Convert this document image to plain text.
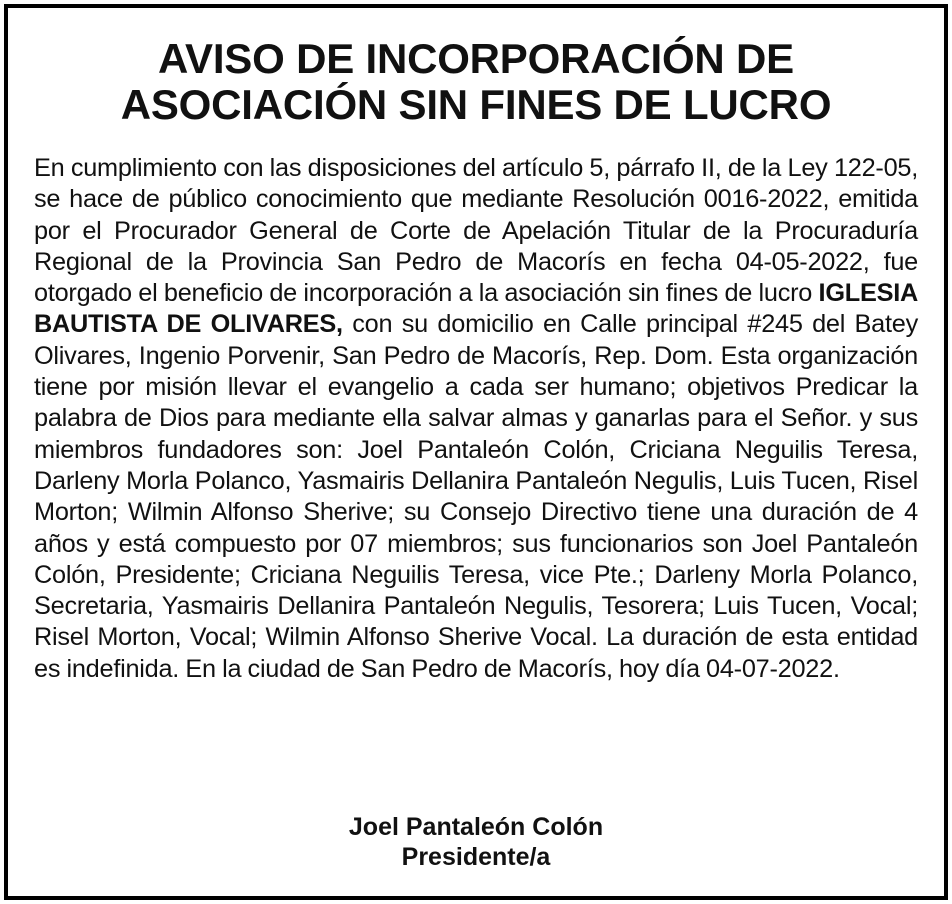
AVISO DE INCORPORACIÓN DE
ASOCIACIÓN SIN FINES DE LUCRO

En cumplimiento con las disposiciones del artículo 5, párrafo II, de la Ley 122-05, se hace de público conocimiento que mediante Resolución 0016-2022, emitida por el Procurador General de Corte de Apelación Titular de la Procuraduría Regional de la Provincia San Pedro de Macorís en fecha 04-05-2022, fue otorgado el beneficio de incorporación a la asociación sin fines de lucro IGLESIA BAUTISTA DE OLIVARES, con su domicilio en Calle principal #245 del Batey Olivares, Ingenio Porvenir, San Pedro de Macorís, Rep. Dom. Esta organización tiene por misión llevar el evangelio a cada ser humano; objetivos Predicar la palabra de Dios para mediante ella salvar almas y ganarlas para el Señor. y sus miembros fundadores son: Joel Pantaleón Colón, Criciana Neguilis Teresa, Darleny Morla Polanco, Yasmairis Dellanira Pantaleón Negulis, Luis Tucen, Risel Morton; Wilmin Alfonso Sherive; su Consejo Directivo tiene una duración de 4 años y está compuesto por 07 miembros; sus funcionarios son Joel Pantaleón Colón, Presidente; Criciana Neguilis Teresa, vice Pte.; Darleny Morla Polanco, Secretaria, Yasmairis Dellanira Pantaleón Negulis, Tesorera; Luis Tucen, Vocal; Risel Morton, Vocal; Wilmin Alfonso Sherive Vocal. La duración de esta entidad es indefinida. En la ciudad de San Pedro de Macorís, hoy día 04-07-2022.

Joel Pantaleón Colón
Presidente/a
